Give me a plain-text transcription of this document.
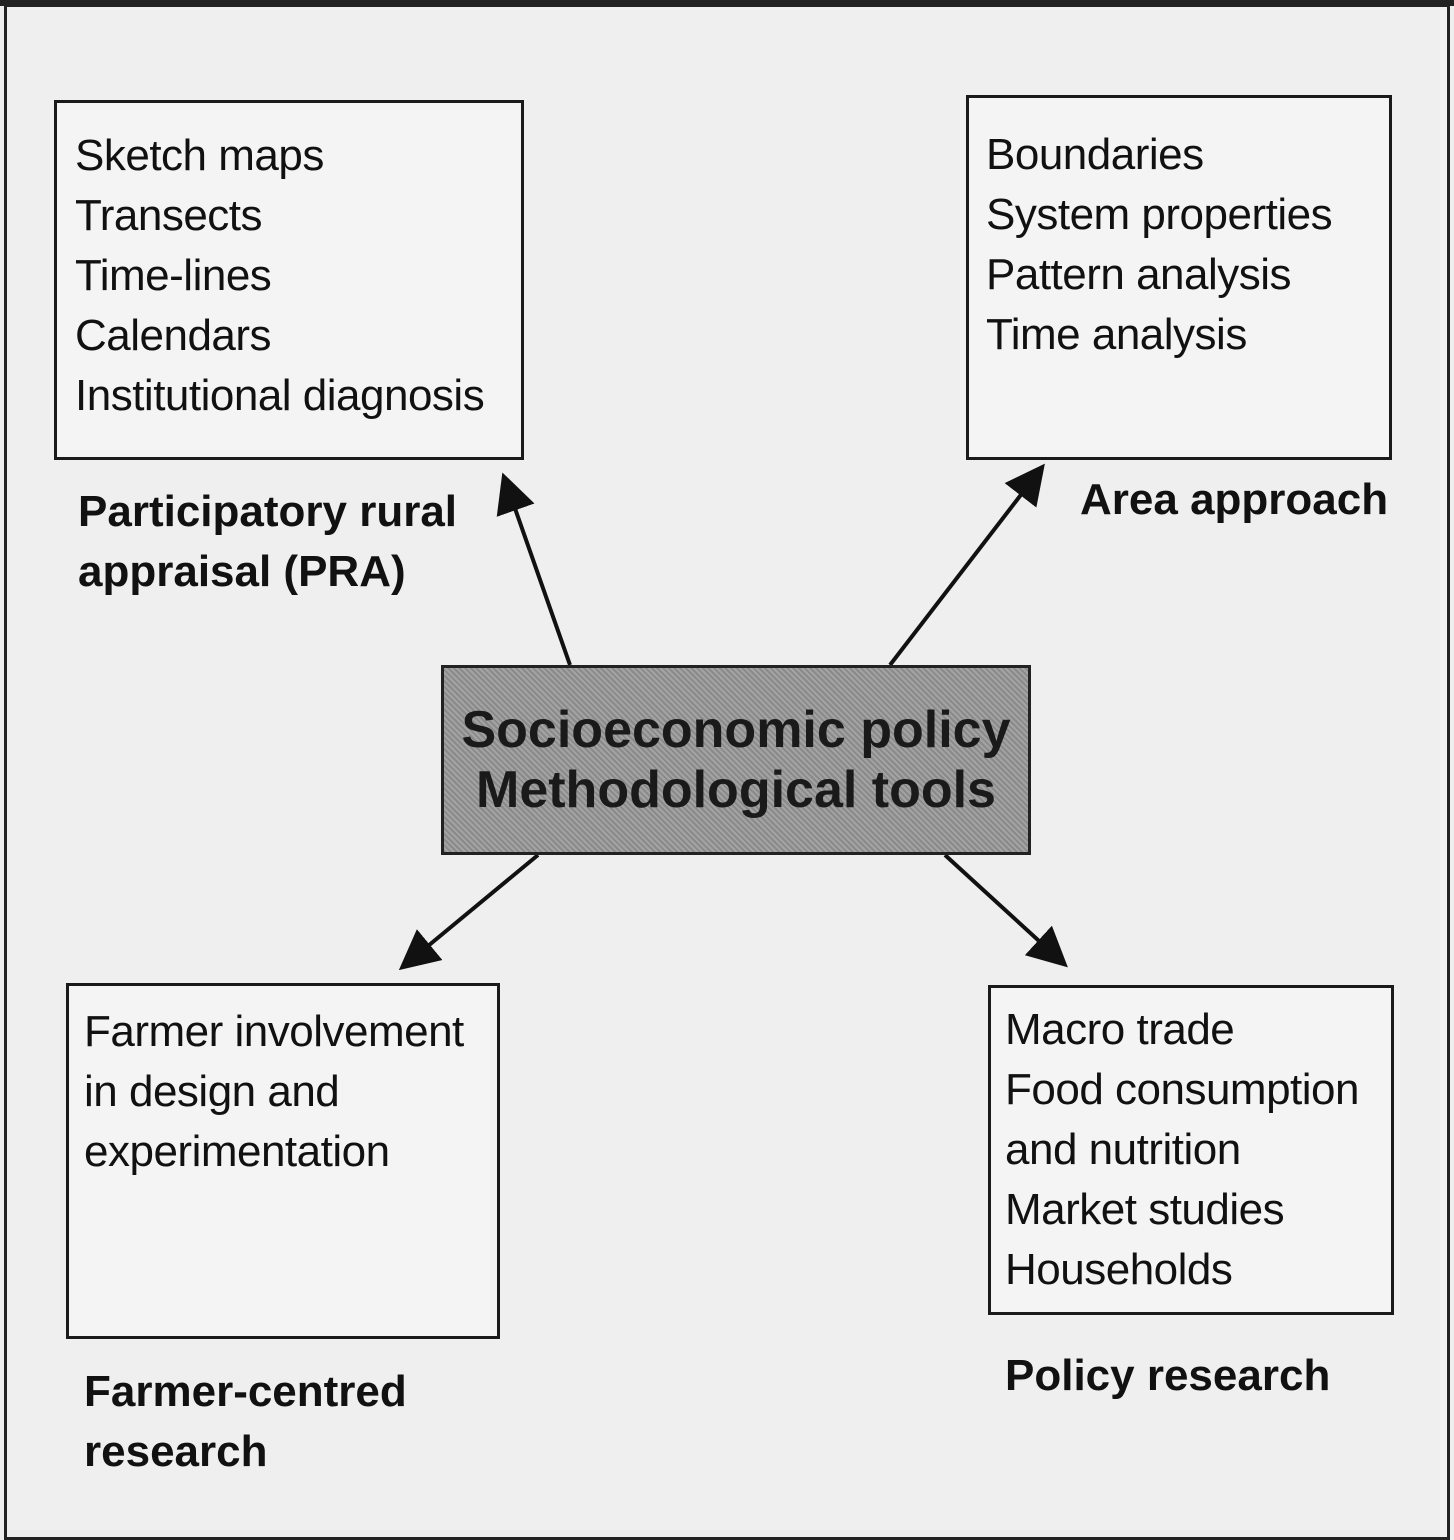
Sketch maps
Transects
Time-lines
Calendars
Institutional diagnosis
Participatory rural
appraisal (PRA)
Boundaries
System properties
Pattern analysis
Time analysis
Area approach
Socioeconomic policy
Methodological tools
Farmer involvement
in design and
experimentation
Farmer-centred
research
Macro trade
Food consumption
and nutrition
Market studies
Households
Policy research
